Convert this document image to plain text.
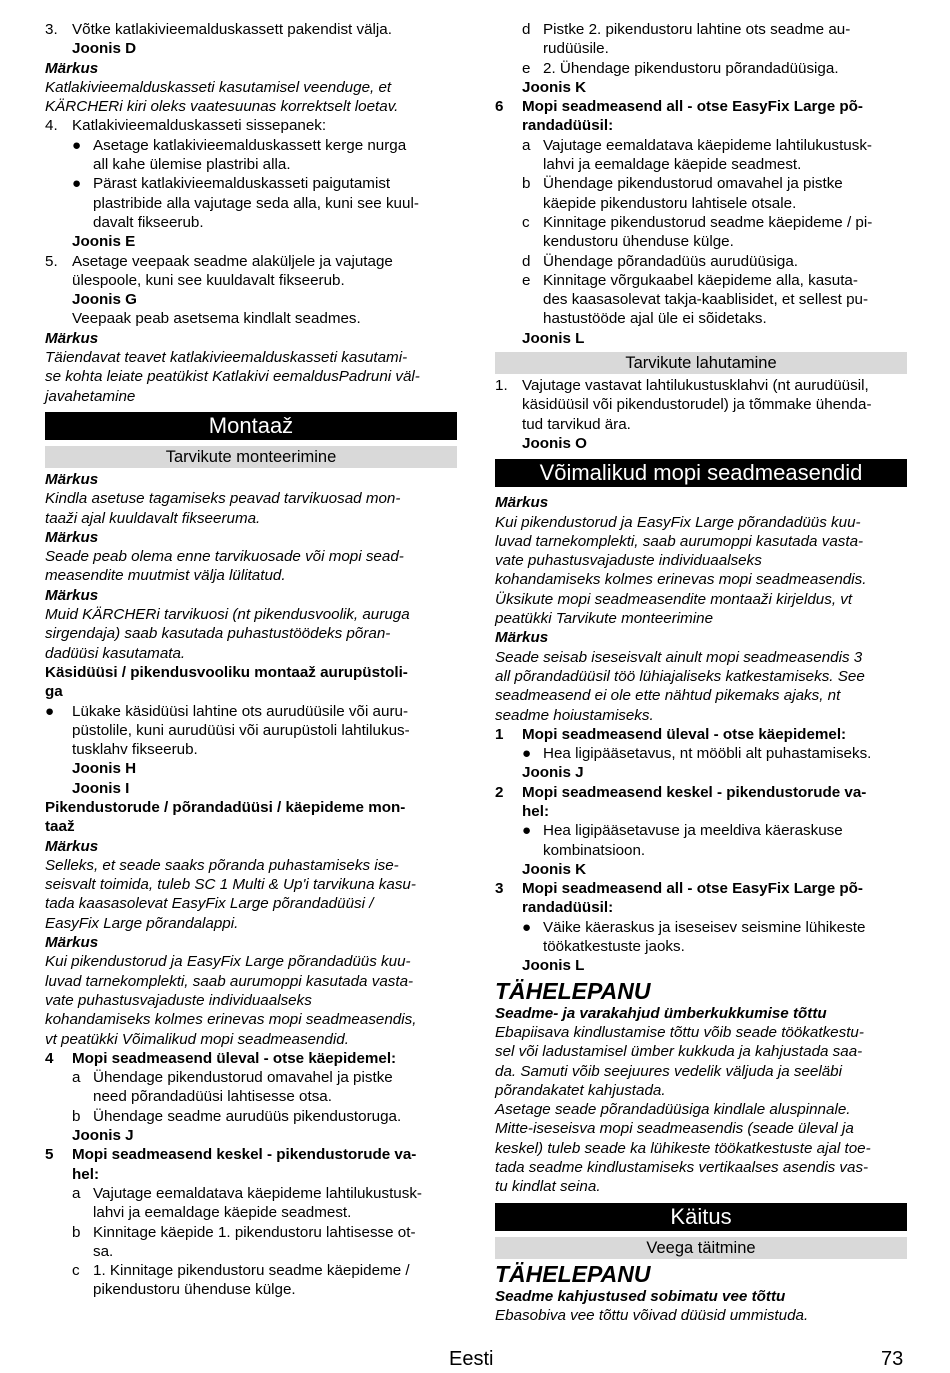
3. Võtke katlakivieemalduskassett pakendist välja.
Joonis D
Märkus
Katlakivieemalduskasseti kasutamisel veenduge, et
KÄRCHERi kiri oleks vaatesuunas korrektselt loetav.
4. Katlakivieemalduskasseti sissepanek:
● Asetage katlakivieemalduskassett kerge nurga
all kahe ülemise plastribi alla.
● Pärast katlakivieemalduskasseti paigutamist
plastribide alla vajutage seda alla, kuni see kuul-
davalt fikseerub.
Joonis E
5. Asetage veepaak seadme alaküljele ja vajutage
ülespoole, kuni see kuuldavalt fikseerub.
Joonis G
Veepaak peab asetsema kindlalt seadmes.
Märkus
Täiendavat teavet katlakivieemalduskasseti kasutami-
se kohta leiate peatükist Katlakivi eemaldusPadruni väl-
javahetamine
Montaaž
Tarvikute monteerimine
Märkus
Kindla asetuse tagamiseks peavad tarvikuosad mon-
taaži ajal kuuldavalt fikseeruma.
Märkus
Seade peab olema enne tarvikuosade või mopi sead-
measendite muutmist välja lülitatud.
Märkus
Muid KÄRCHERi tarvikuosi (nt pikendusvoolik, auruga
sirgendaja) saab kasutada puhastustöödeks põran-
dadüüsi kasutamata.
Käsidüüsi / pikendusvooliku montaaž aurupüstoli-
ga
● Lükake käsidüüsi lahtine ots aurudüüsile või auru-
püstolile, kuni aurudüüsi või aurupüstoli lahtilukus-
tusklahv fikseerub.
Joonis H
Joonis I
Pikendustorude / põrandadüüsi / käepideme mon-
taaž
Märkus
Selleks, et seade saaks põranda puhastamiseks ise-
seisvalt toimida, tuleb SC 1 Multi & Up'i tarvikuna kasu-
tada kaasasolevat EasyFix Large põrandadüüsi /
EasyFix Large põrandalappi.
Märkus
Kui pikendustorud ja EasyFix Large põrandadüüs kuu-
luvad tarnekomplekti, saab aurumoppi kasutada vasta-
vate puhastusvajaduste individuaalseks
kohandamiseks kolmes erinevas mopi seadmeasendis,
vt peatükki Võimalikud mopi seadmeasendid.
4 Mopi seadmeasend üleval - otse käepidemel:
a Ühendage pikendustorud omavahel ja pistke
need põrandadüüsi lahtisesse otsa.
b Ühendage seadme aurudüüs pikendustoruga.
Joonis J
5 Mopi seadmeasend keskel - pikendustorude va-
hel:
a Vajutage eemaldatava käepideme lahtilukustusk-
lahvi ja eemaldage käepide seadmest.
b Kinnitage käepide 1. pikendustoru lahtisesse ot-
sa.
c 1. Kinnitage pikendustoru seadme käepideme /
pikendustoru ühenduse külge.
d Pistke 2. pikendustoru lahtine ots seadme au-
rudüüsile.
e 2. Ühendage pikendustoru põrandadüüsiga.
Joonis K
6 Mopi seadmeasend all - otse EasyFix Large põ-
randadüüsil:
a Vajutage eemaldatava käepideme lahtilukustusk-
lahvi ja eemaldage käepide seadmest.
b Ühendage pikendustorud omavahel ja pistke
käepide pikendustoru lahtisele otsale.
c Kinnitage pikendustorud seadme käepideme / pi-
kendustoru ühenduse külge.
d Ühendage põrandadüüs aurudüüsiga.
e Kinnitage võrgukaabel käepideme alla, kasuta-
des kaasasolevat takja-kaablisidet, et sellest pu-
hastustööde ajal üle ei sõidetaks.
Joonis L
Tarvikute lahutamine
1. Vajutage vastavat lahtilukustusklahvi (nt aurudüüsil,
käsidüüsil või pikendustorudel) ja tõmmake ühenda-
tud tarvikud ära.
Joonis O
Võimalikud mopi seadmeasendid
Märkus
Kui pikendustorud ja EasyFix Large põrandadüüs kuu-
luvad tarnekomplekti, saab aurumoppi kasutada vasta-
vate puhastusvajaduste individuaalseks
kohandamiseks kolmes erinevas mopi seadmeasendis.
Üksikute mopi seadmeasendite montaaži kirjeldus, vt
peatükki Tarvikute monteerimine
Märkus
Seade seisab iseseisvalt ainult mopi seadmeasendis 3
all põrandadüüsil töö lühiajaliseks katkestamiseks. See
seadmeasend ei ole ette nähtud pikemaks ajaks, nt
seadme hoiustamiseks.
1 Mopi seadmeasend üleval - otse käepidemel:
● Hea ligipääsetavus, nt mööbli alt puhastamiseks.
Joonis J
2 Mopi seadmeasend keskel - pikendustorude va-
hel:
● Hea ligipääsetavuse ja meeldiva käeraskuse
kombinatsioon.
Joonis K
3 Mopi seadmeasend all - otse EasyFix Large põ-
randadüüsil:
● Väike käeraskus ja iseseisev seismine lühikeste
töökatkestuste jaoks.
Joonis L
TÄHELEPANU
Seadme- ja varakahjud ümberkukkumise tõttu
Ebapiisava kindlustamise tõttu võib seade töökatkestu-
sel või ladustamisel ümber kukkuda ja kahjustada saa-
da. Samuti võib seejuures vedelik väljuda ja seeläbi
põrandakatet kahjustada.
Asetage seade põrandadüüsiga kindlale aluspinnale.
Mitte-iseseisva mopi seadmeasendis (seade üleval ja
keskel) tuleb seade ka lühikeste töökatkestuste ajal toe-
tada seadme kindlustamiseks vertikaalses asendis vas-
tu kindlat seina.
Käitus
Veega täitmine
TÄHELEPANU
Seadme kahjustused sobimatu vee tõttu
Ebasobiva vee tõttu võivad düüsid ummistuda.
Eesti	73
